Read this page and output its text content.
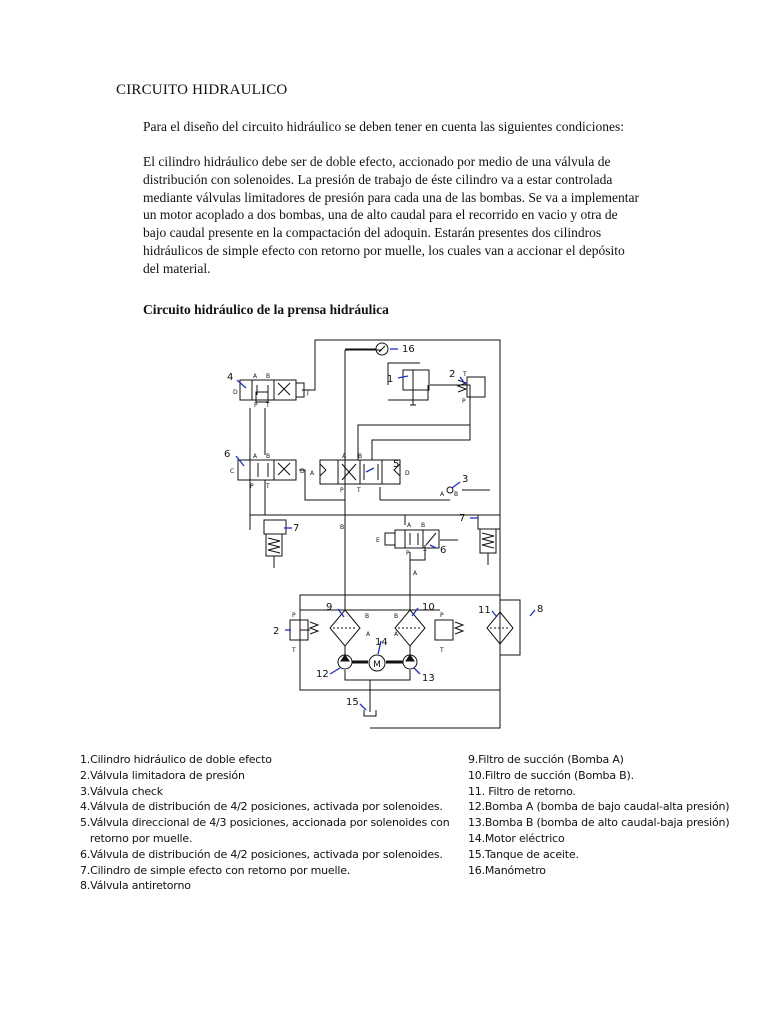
CIRCUITO HIDRAULICO
Para el diseño del circuito hidráulico se deben tener en cuenta las siguientes condiciones:
El cilindro hidráulico debe ser de doble efecto, accionado por medio de una válvula de
distribución con solenoides. La presión de trabajo de éste cilindro va a estar controlada
mediante válvulas limitadores de presión para cada una de las bombas. Se va a implementar
un motor acoplado a dos bombas, una de alto caudal para el recorrido en vacio y otra de
bajo caudal presente en la compactación del adoquin. Estarán presentes dos cilindros
hidráulicos de simple efecto con retorno por muelle, los cuales van a accionar el depósito
del material.
Circuito hidráulico de la prensa hidráulica
M
1	2
2
3
4
5
6
6
7
7
8
9	10	11
12	13
14
15
16
A B
P T
D	J
A B
P T
C	D
A B
P T
A	D
A B
B
A
A B
P T
E
B
A
B
A
P
T
P
T
T
P
1.Cilindro hidráulico de doble efecto
2.Válvula limitadora de presión
3.Válvula check
4.Válvula de distribución de 4/2 posiciones, activada por solenoides.
5.Válvula direccional de 4/3 posiciones, accionada por solenoides con
retorno por muelle.
6.Válvula de distribución de 4/2 posiciones, activada por solenoides.
7.Cilindro de simple efecto con retorno por muelle.
8.Válvula antiretorno
9.Filtro de succión (Bomba A)
10.Filtro de succión (Bomba B).
11. Filtro de retorno.
12.Bomba A (bomba de bajo caudal-alta presión)
13.Bomba B (bomba de alto caudal-baja presión)
14.Motor eléctrico
15.Tanque de aceite.
16.Manómetro
